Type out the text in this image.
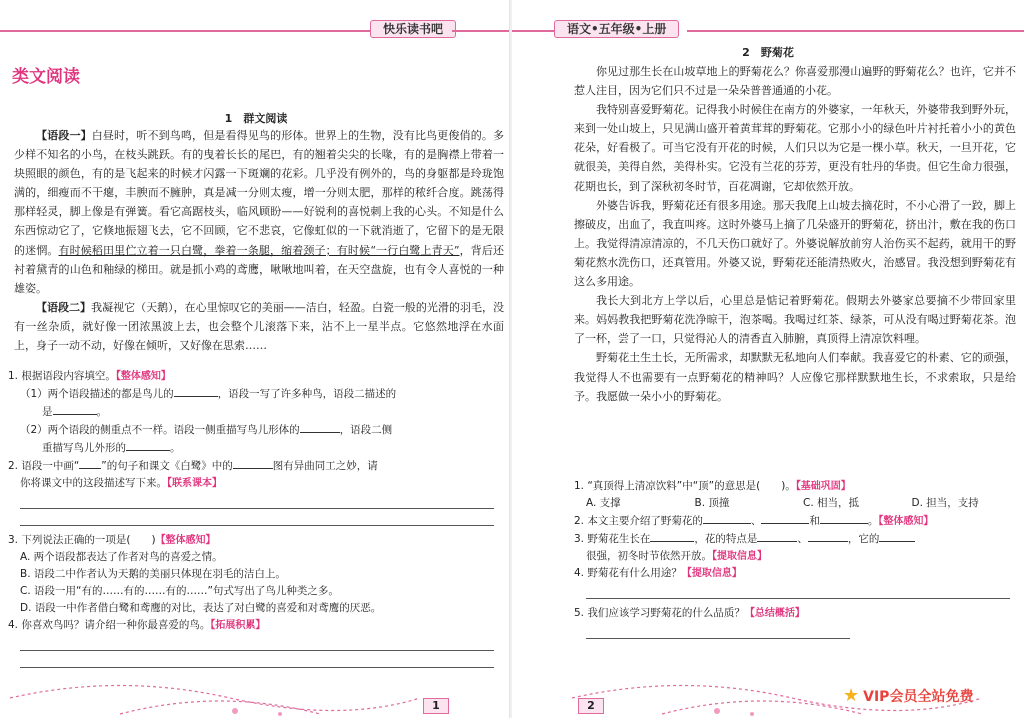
快乐读书吧
类文阅读
1　群文阅读

【语段一】白昼时，听不到鸟鸣，但是看得见鸟的形体。世界上的生物，没有比鸟更俊俏的。多少样不知名的小鸟，在枝头跳跃。有的曳着长长的尾巴，有的翘着尖尖的长喙，有的是胸襟上带着一块照眼的颜色，有的是飞起来的时候才闪露一下斑斓的花彩。几乎没有例外的，鸟的身躯都是玲珑饱满的，细瘦而不干瘪，丰腴而不臃肿，真是减一分则太瘦，增一分则太肥，那样的秾纤合度。跳荡得那样轻灵，脚上像是有弹簧。看它高踞枝头，临风顾盼——好锐利的喜悦刺上我的心头。不知是什么东西惊动它了，它倏地振翅飞去，它不回顾，它不悲哀，它像虹似的一下就消逝了，它留下的是无限的迷惘。有时候稻田里伫立着一只白鹭，拳着一条腿，缩着颈子；有时候“一行白鹭上青天”，背后还衬着黛青的山色和釉绿的梯田。就是抓小鸡的鸢鹰，啾啾地叫着，在天空盘旋，也有令人喜悦的一种雄姿。

【语段二】我凝视它（天鹅），在心里惊叹它的美丽——洁白，轻盈。白瓷一般的光滑的羽毛，没有一丝杂质，就好像一团浓黑波上去，也会整个儿滚落下来，沾不上一星半点。它悠然地浮在水面上，身子一动不动，好像在倾听，又好像在思索……

1. 根据语段内容填空。【整体感知】
（1）两个语段描述的都是鸟儿的	，语段一写了许多种鸟，语段二描述的
是	。
（2）两个语段的侧重点不一样。语段一侧重描写鸟儿形体的	，语段二侧
重描写鸟儿外形的	。
2. 语段一中画“ ”的句子和课文《白鹭》中的	图有异曲同工之妙，请
你将课文中的这段描述写下来。【联系课本】
3. 下列说法正确的一项是(　　)【整体感知】
A. 两个语段都表达了作者对鸟的喜爱之情。
B. 语段二中作者认为天鹅的美丽只体现在羽毛的洁白上。
C. 语段一用“有的……有的……有的……”句式写出了鸟儿种类之多。
D. 语段一中作者借白鹭和鸢鹰的对比，表达了对白鹭的喜爱和对鸢鹰的厌恶。
4. 你喜欢鸟吗？请介绍一种你最喜爱的鸟。【拓展积累】
1
语文•五年级•上册
2　野菊花

你见过那生长在山坡草地上的野菊花么？你喜爱那漫山遍野的野菊花么？也许，它并不惹人注目，因为它们只不过是一朵朵普普通通的小花。

我特别喜爱野菊花。记得我小时候住在南方的外婆家，一年秋天，外婆带我到野外玩，来到一处山坡上，只见满山盛开着黄茸茸的野菊花。它那小小的绿色叶片衬托着小小的黄色花朵，好看极了。可当它没有开花的时候，人们只以为它是一棵小草。秋天，一旦开花，它就很美，美得自然，美得朴实。它没有兰花的芬芳，更没有牡丹的华贵。但它生命力很强，花期也长，到了深秋初冬时节，百花凋谢，它却依然开放。

外婆告诉我，野菊花还有很多用途。那天我爬上山坡去摘花时，不小心滑了一跤，脚上擦破皮，出血了，我直叫疼。这时外婆马上摘了几朵盛开的野菊花，挤出汁，敷在我的伤口上。我觉得清凉清凉的，不几天伤口就好了。外婆说解放前穷人治伤买不起药，就用干的野菊花熬水洗伤口，还真管用。外婆又说，野菊花还能清热败火，治感冒。我没想到野菊花有这么多用途。

我长大到北方上学以后，心里总是惦记着野菊花。假期去外婆家总要摘不少带回家里来。妈妈教我把野菊花洗净晾干，泡茶喝。我喝过红茶、绿茶，可从没有喝过野菊花茶。泡了一杯，尝了一口，只觉得沁人的清香直入肺腑，真顶得上清凉饮料哩。

野菊花土生土长，无所需求，却默默无私地向人们奉献。我喜爱它的朴素、它的顽强，我觉得人不也需要有一点野菊花的精神吗？人应像它那样默默地生长，不求索取，只是给予。我愿做一朵小小的野菊花。

1. “真顶得上清凉饮料”中“顶”的意思是(　　)。【基础巩固】
A. 支撑	B. 顶撞	C. 相当，抵	D. 担当，支持
2. 本文主要介绍了野菊花的	、	和	。【整体感知】
3. 野菊花生长在	，花的特点是	、	，它的
很强，初冬时节依然开放。【提取信息】
4. 野菊花有什么用途？【提取信息】
5. 我们应该学习野菊花的什么品质？【总结概括】
2	★ VIP会员全站免费
